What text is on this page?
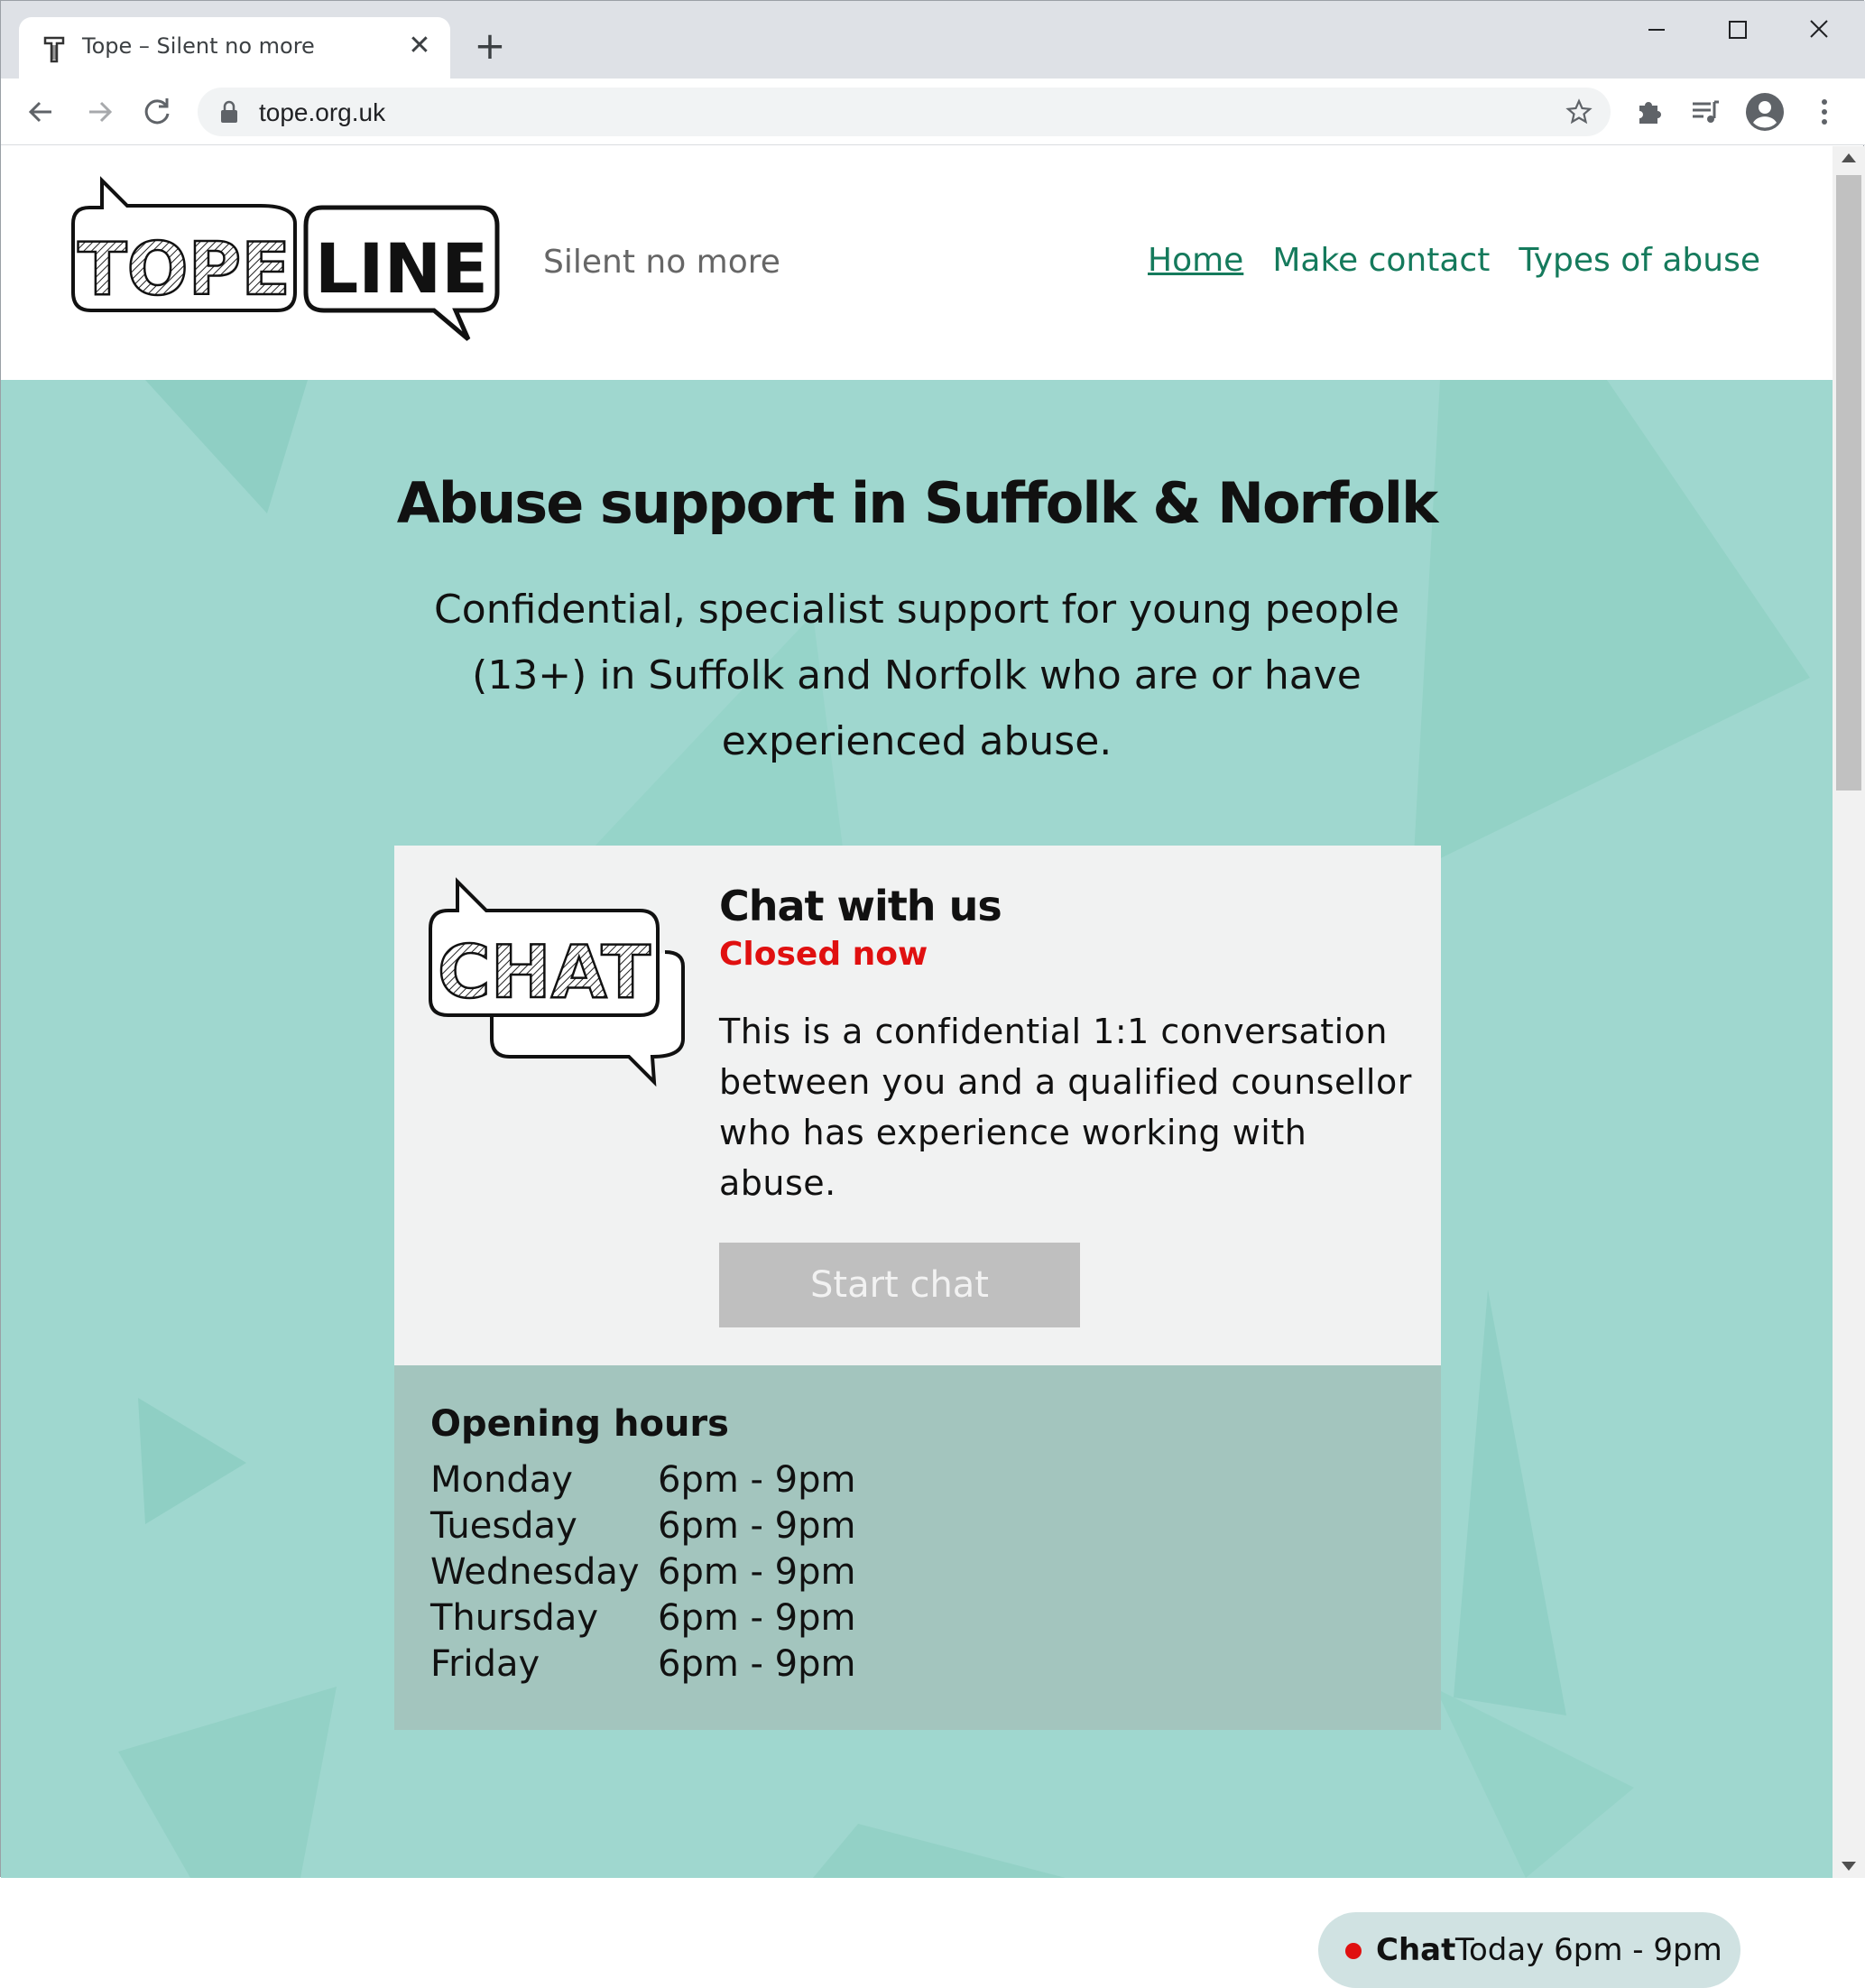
Tope – Silent no more	✕ +
tope.org.uk
TOPE LINE Silent no more	Home Make contact Types of abuse
Abuse support in Suffolk & Norfolk

Confidential, specialist support for young people (13+) in Suffolk and Norfolk who are or have experienced abuse.

CHAT
Chat with us
Closed now

This is a confidential 1:1 conversation between you and a qualified counsellor who has experience working with abuse.

Start chat
Opening hours
Monday	6pm - 9pm
Tuesday	6pm - 9pm
Wednesday	6pm - 9pm
Thursday	6pm - 9pm
Friday	6pm - 9pm
Chat Today 6pm - 9pm
